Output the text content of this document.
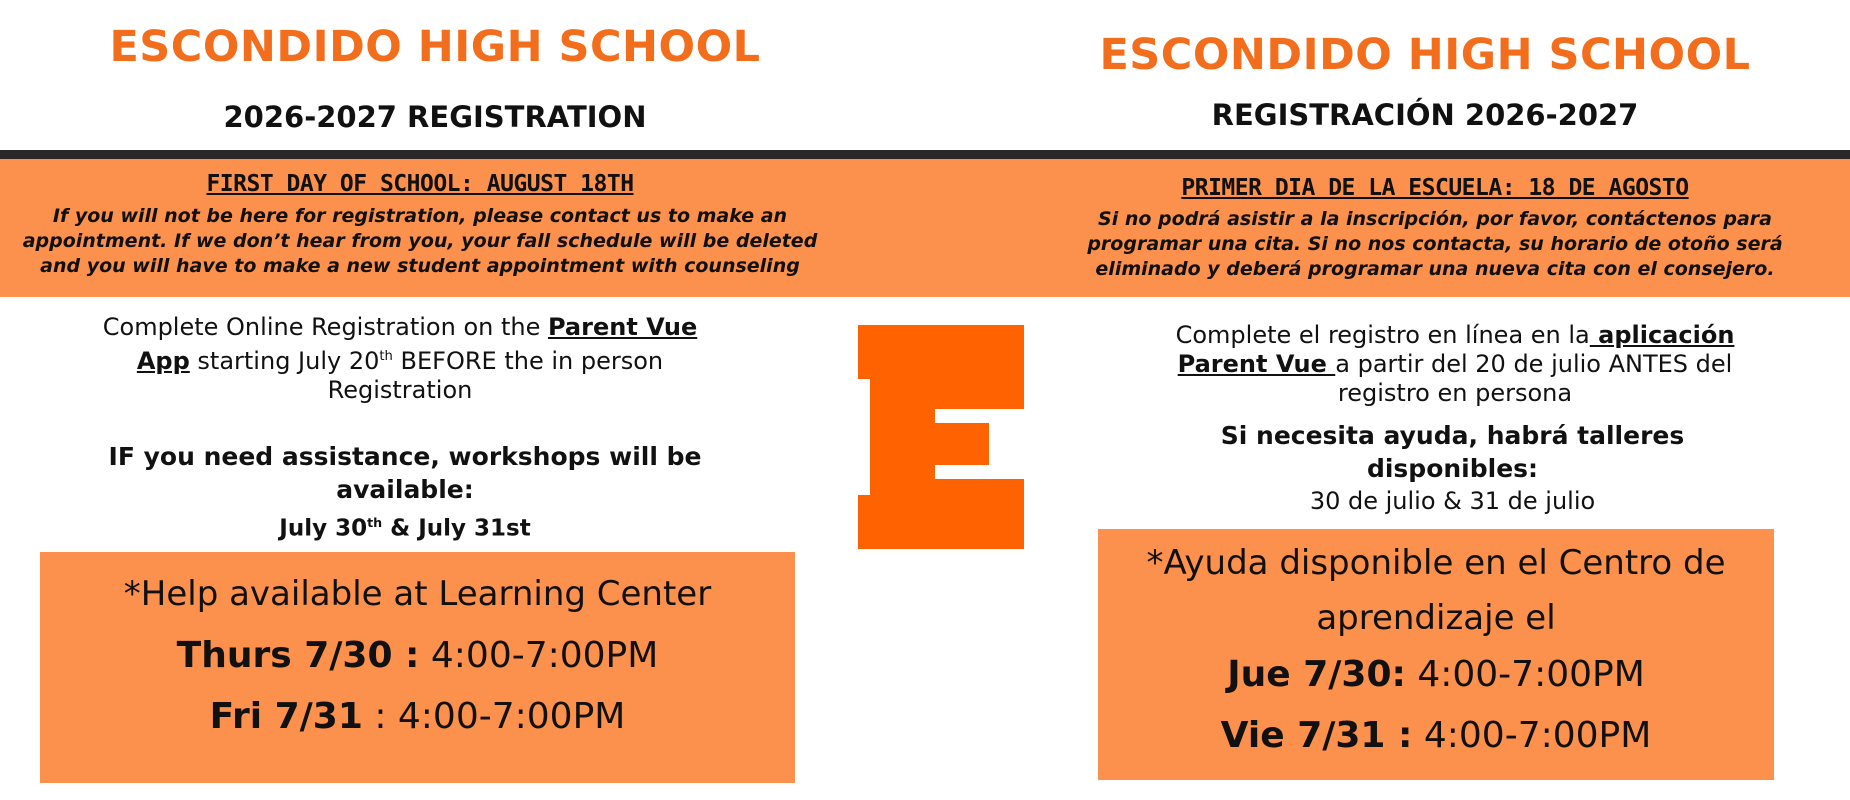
ESCONDIDO HIGH SCHOOL
2026-2027 REGISTRATION
ESCONDIDO HIGH SCHOOL
REGISTRACIÓN 2026-2027
FIRST DAY OF SCHOOL: AUGUST 18TH
If you will not be here for registration, please contact us to make an
appointment. If we don’t hear from you, your fall schedule will be deleted
and you will have to make a new student appointment with counseling
PRIMER DIA DE LA ESCUELA: 18 DE AGOSTO
Si no podrá asistir a la inscripción, por favor, contáctenos para
programar una cita. Si no nos contacta, su horario de otoño será
eliminado y deberá programar una nueva cita con el consejero.
Complete Online Registration on the Parent Vue
App starting July 20th BEFORE the in person
Registration
IF you need assistance, workshops will be
available:
July 30th & July 31st
*Help available at Learning Center
Thurs 7/30 : 4:00-7:00PM
Fri 7/31 : 4:00-7:00PM
Complete el registro en línea en la aplicación
Parent Vue a partir del 20 de julio ANTES del
registro en persona
Si necesita ayuda, habrá talleres
disponibles:
30 de julio & 31 de julio
*Ayuda disponible en el Centro de
aprendizaje el
Jue 7/30: 4:00-7:00PM
Vie 7/31 : 4:00-7:00PM
